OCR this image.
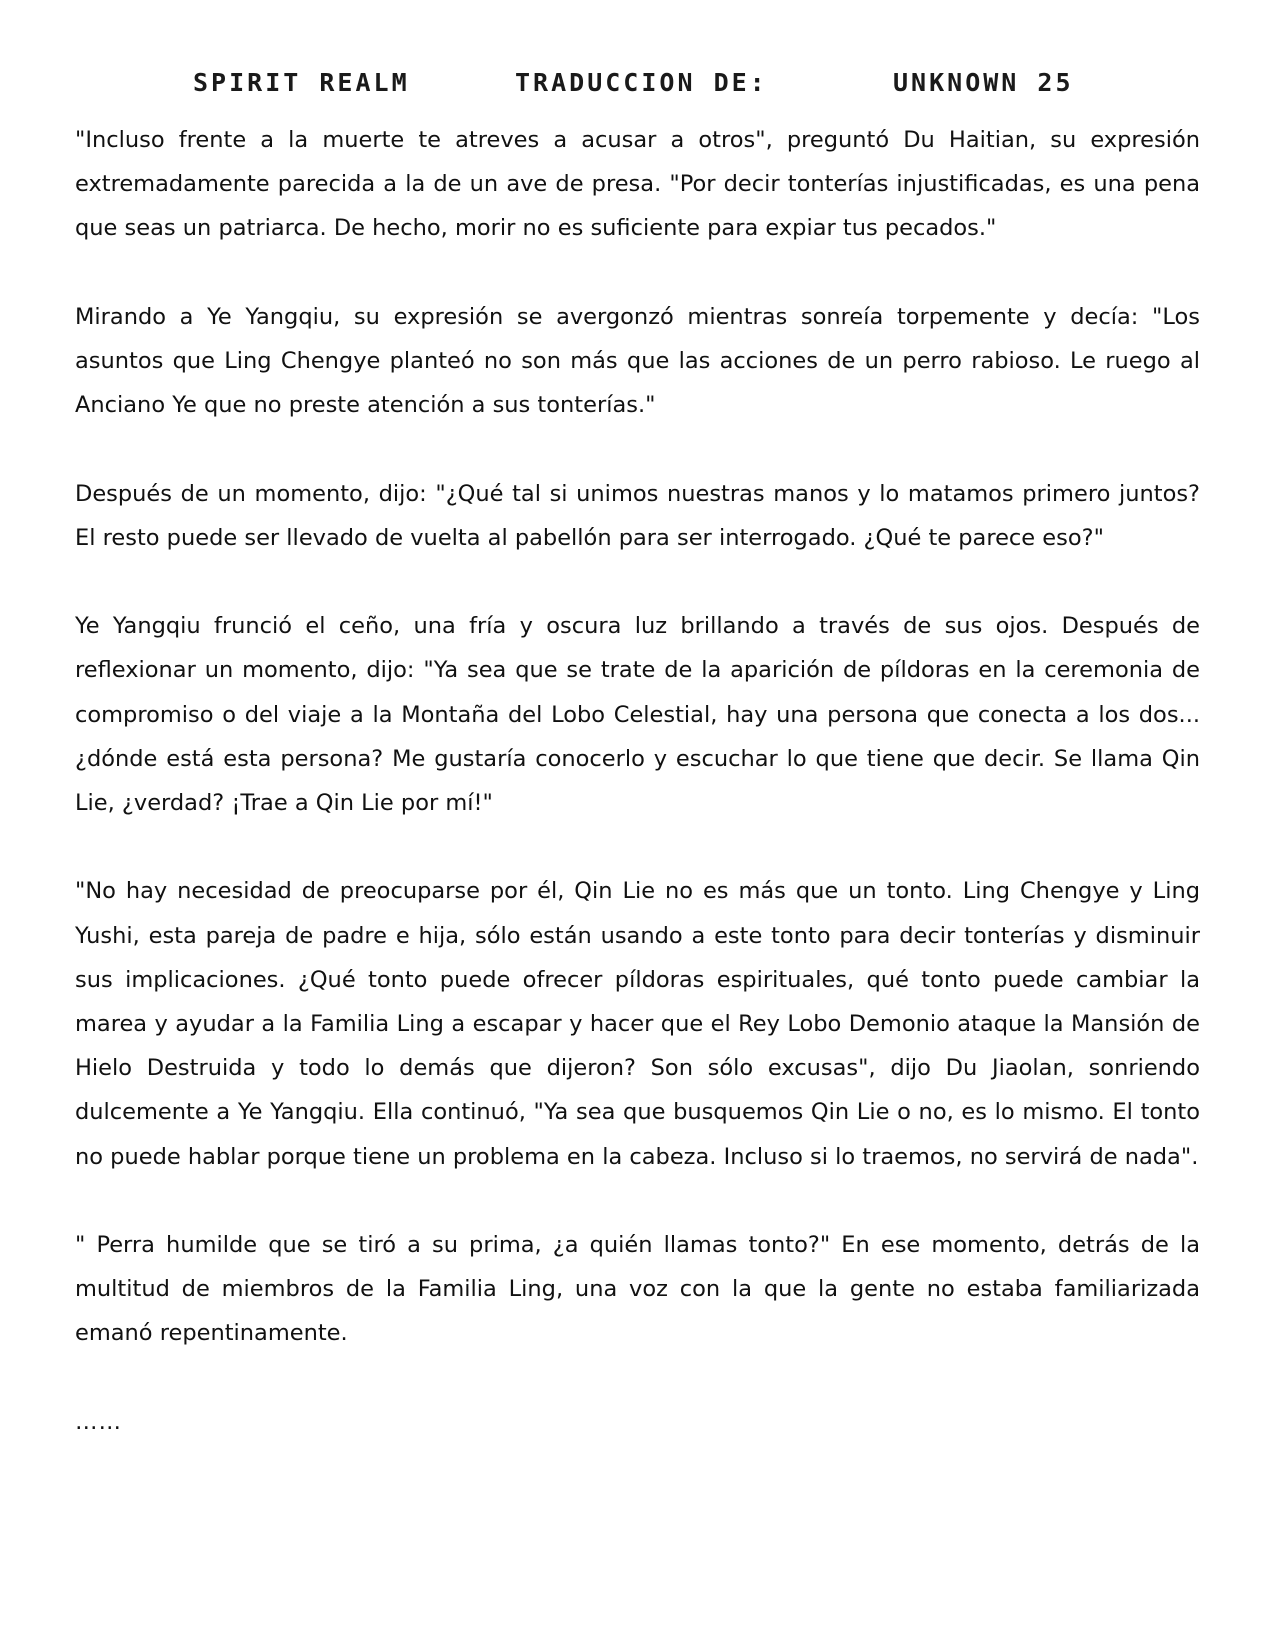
SPIRIT REALM	TRADUCCION DE:	UNKNOWN 25

"Incluso frente a la muerte te atreves a acusar a otros", preguntó Du Haitian, su expresión extremadamente parecida a la de un ave de presa. "Por decir tonterías injustificadas, es una pena que seas un patriarca. De hecho, morir no es suficiente para expiar tus pecados."

Mirando a Ye Yangqiu, su expresión se avergonzó mientras sonreía torpemente y decía: "Los asuntos que Ling Chengye planteó no son más que las acciones de un perro rabioso. Le ruego al Anciano Ye que no preste atención a sus tonterías."

Después de un momento, dijo: "¿Qué tal si unimos nuestras manos y lo matamos primero juntos? El resto puede ser llevado de vuelta al pabellón para ser interrogado. ¿Qué te parece eso?"

Ye Yangqiu frunció el ceño, una fría y oscura luz brillando a través de sus ojos. Después de reflexionar un momento, dijo: "Ya sea que se trate de la aparición de píldoras en la ceremonia de compromiso o del viaje a la Montaña del Lobo Celestial, hay una persona que conecta a los dos... ¿dónde está esta persona? Me gustaría conocerlo y escuchar lo que tiene que decir. Se llama Qin Lie, ¿verdad? ¡Trae a Qin Lie por mí!"

"No hay necesidad de preocuparse por él, Qin Lie no es más que un tonto. Ling Chengye y Ling Yushi, esta pareja de padre e hija, sólo están usando a este tonto para decir tonterías y disminuir sus implicaciones. ¿Qué tonto puede ofrecer píldoras espirituales, qué tonto puede cambiar la marea y ayudar a la Familia Ling a escapar y hacer que el Rey Lobo Demonio ataque la Mansión de Hielo Destruida y todo lo demás que dijeron? Son sólo excusas", dijo Du Jiaolan, sonriendo dulcemente a Ye Yangqiu. Ella continuó, "Ya sea que busquemos Qin Lie o no, es lo mismo. El tonto no puede hablar porque tiene un problema en la cabeza. Incluso si lo traemos, no servirá de nada".

" Perra humilde que se tiró a su prima, ¿a quién llamas tonto?" En ese momento, detrás de la multitud de miembros de la Familia Ling, una voz con la que la gente no estaba familiarizada emanó repentinamente.

……
